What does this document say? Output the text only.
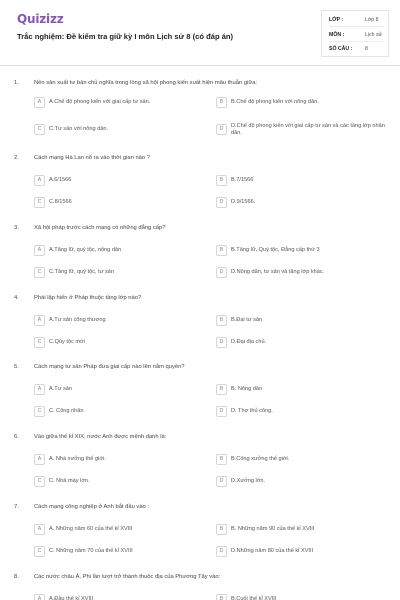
Quizizz
Trắc nghiệm: Đề kiểm tra giữ kỳ I môn Lịch sử 8 (có đáp án)
LỚP :	Lớp 8
MÔN :	Lịch sử
SỐ CÂU : 8
1.	Nền sản xuất tư bản chủ nghĩa trong lòng xã hội phong kiến xuất hiện mâu thuẫn giữa:
A	A.Chế độ phong kiến với giai cấp tư sản.	B	B.Chế độ phong kiến với nông dân.
C	C.Tư sản với nông dân.	D	D.Chế độ phong kiến với giai cấp tư sản và các tầng lớp nhân dân.
2.	Cách mạng Hà Lan nổ ra vào thời gian nào ?
A	A.6/1566	B	B.7/1566
C	C.8/1566	D	D.9/1566.
3.	Xã hội pháp trước cách mạng có những đẳng cấp?
A	A.Tăng lữ, quý tộc, nông dân	B	B.Tăng lữ, Quý tộc, Đẳng cấp thứ 3
C	C.Tăng lữ, quý tộc, tư sản	D	D.Nông dân, tư sản và tăng lớp khác.
4.	Phái lập hiến ở Pháp thuộc tầng lớp nào?
A	A.Tư sản công thương	B	B.Đại tư sản
C	C.Qúy tộc mới	D	D.Đại địa chủ.
5.	Cách mạng tư sản Pháp đưa giai cấp nào lên nắm quyền?
A	A.Tư sản	B	B. Nông dân
C	C. Công nhân	D	D. Thợ thủ công.
6.	Vào giữa thế kỉ XIX, nước Anh được mệnh danh là:
A	A. Nhà xưởng thế giới.	B	B.Công xưởng thế giới.
C	C. Nhà máy lớn.	D	D.Xưởng lớn.
7.	Cách mạng công nghiệp ở Anh bắt đầu vào :
A	A. Những năm 60 của thế kỉ XVIII	B	B. Những năm 90 của thế kỉ XVIII
C	C. Những năm 70 của thế kỉ XVIII	D	D.Những năm 80 của thế kỉ XVIII
8.	Các nước châu Á, Phi lần lượt trở thành thuộc địa của Phương Tây vào:
A	A.Đầu thế kỉ XVIII	B	B.Cuối thế kỉ XVIII
